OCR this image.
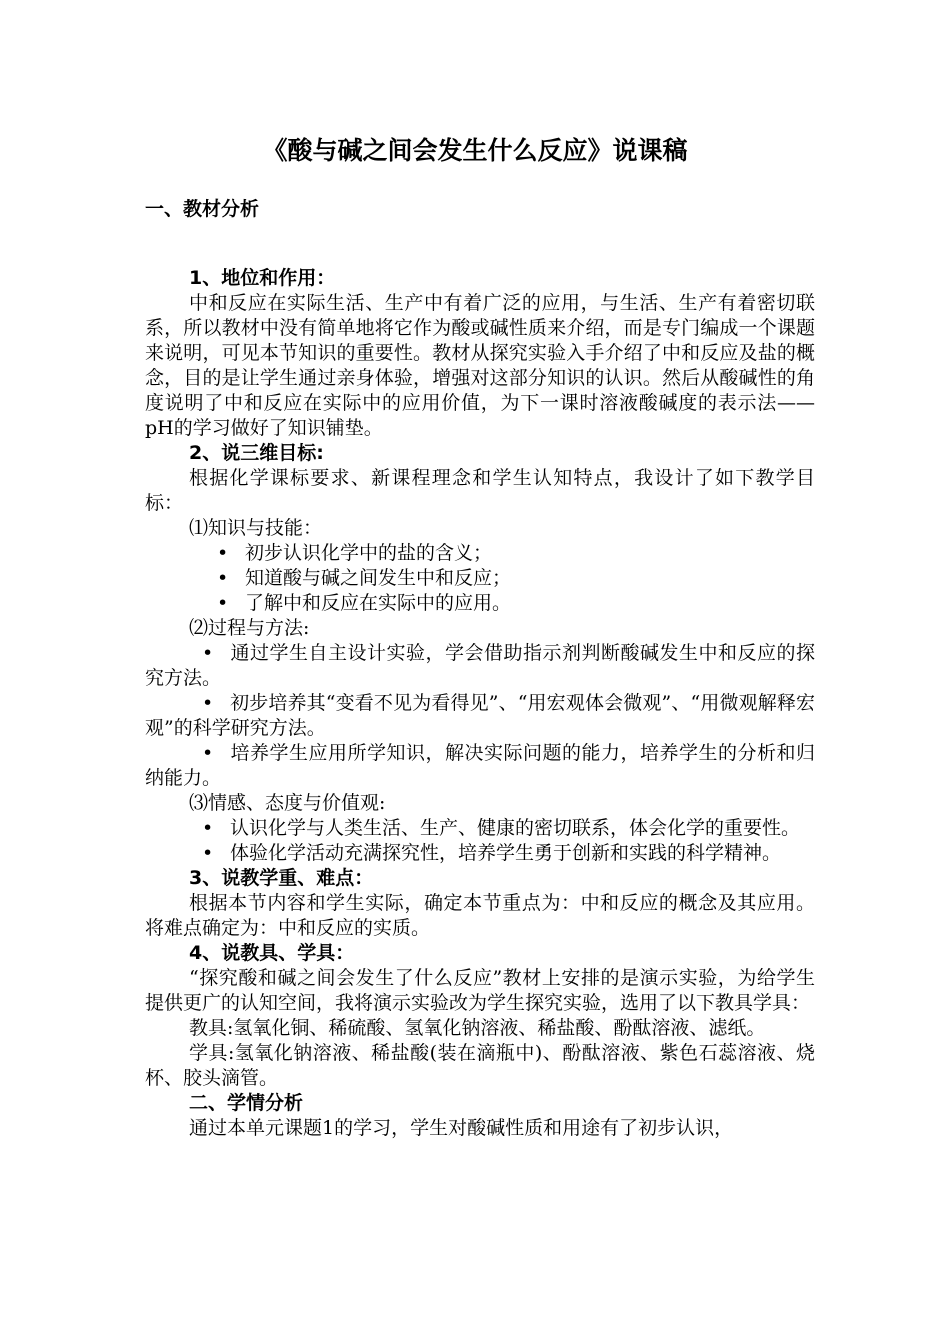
《酸与碱之间会发生什么反应》说课稿
一、教材分析
1、地位和作用：

中和反应在实际生活、生产中有着广泛的应用，与生活、生产有着密切联系，所以教材中没有简单地将它作为酸或碱性质来介绍，而是专门编成一个课题来说明，可见本节知识的重要性。教材从探究实验入手介绍了中和反应及盐的概念，目的是让学生通过亲身体验，增强对这部分知识的认识。然后从酸碱性的角度说明了中和反应在实际中的应用价值，为下一课时溶液酸碱度的表示法——pH的学习做好了知识铺垫。

2、说三维目标:

根据化学课标要求、新课程理念和学生认知特点，我设计了如下教学目标：

⑴知识与技能：
• 初步认识化学中的盐的含义；
• 知道酸与碱之间发生中和反应；
• 了解中和反应在实际中的应用。
⑵过程与方法:

• 通过学生自主设计实验，学会借助指示剂判断酸碱发生中和反应的探究方法。

• 初步培养其“变看不见为看得见”、“用宏观体会微观”、“用微观解释宏观”的科学研究方法。

• 培养学生应用所学知识，解决实际问题的能力，培养学生的分析和归纳能力。

⑶情感、态度与价值观:

• 认识化学与人类生活、生产、健康的密切联系，体会化学的重要性。

• 体验化学活动充满探究性，培养学生勇于创新和实践的科学精神。

3、说教学重、难点：

根据本节内容和学生实际，确定本节重点为：中和反应的概念及其应用。将难点确定为：中和反应的实质。

4、说教具、学具：

“探究酸和碱之间会发生了什么反应”教材上安排的是演示实验，为给学生提供更广的认知空间，我将演示实验改为学生探究实验，选用了以下教具学具：

教具:氢氧化铜、稀硫酸、氢氧化钠溶液、稀盐酸、酚酞溶液、滤纸。

学具:氢氧化钠溶液、稀盐酸(装在滴瓶中)、酚酞溶液、紫色石蕊溶液、烧杯、胶头滴管。

二、学情分析

通过本单元课题1的学习，学生对酸碱性质和用途有了初步认识，
